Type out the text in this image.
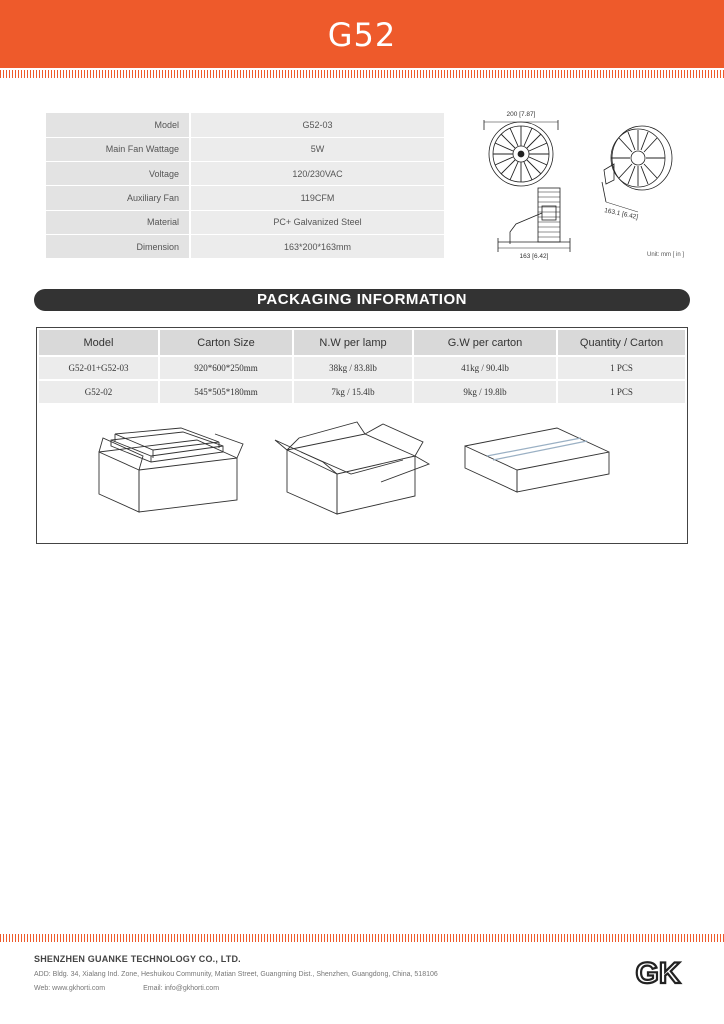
G52
Model	G52-03
Main Fan Wattage	5W
Voltage	120/230VAC
Auxiliary Fan	119CFM
Material	PC+ Galvanized Steel
Dimension	163*200*163mm
200 [7.87]
163 [6.42]
163.1 [6.42]
Unit: mm [ in ]
PACKAGING INFORMATION
Model	Carton Size	N.W per lamp	G.W per carton	Quantity / Carton
G52-01+G52-03	920*600*250mm	38kg / 83.8lb	41kg / 90.4lb	1 PCS
G52-02	545*505*180mm	7kg / 15.4lb	9kg / 19.8lb	1 PCS
SHENZHEN GUANKE TECHNOLOGY CO., LTD.
ADD: Bldg. 34, Xialang Ind. Zone, Heshuikou Community, Matian Street, Guangming Dist., Shenzhen, Guangdong, China, 518106
Web: www.gkhorti.com	Email: info@gkhorti.com	GK
